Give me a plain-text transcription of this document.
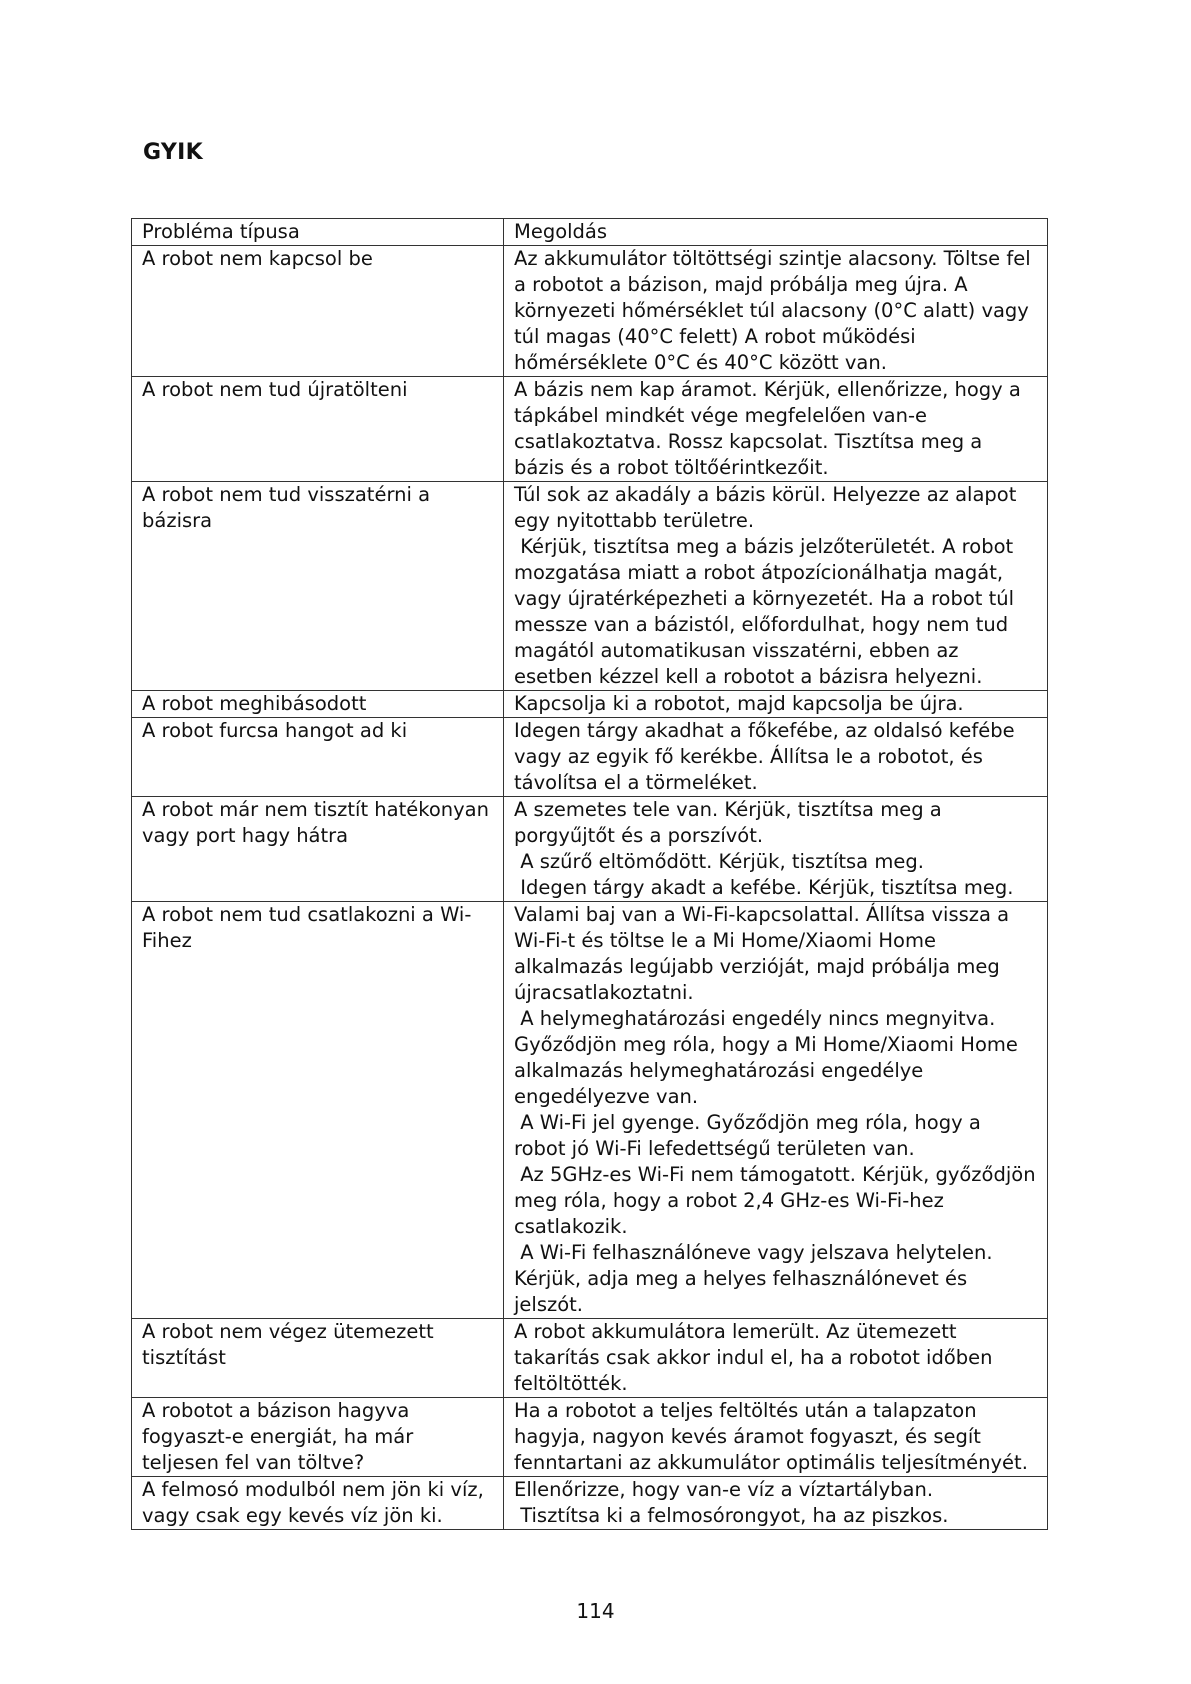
GYIK
Probléma típusa	Megoldás
A robot nem kapcsol be	Az akkumulátor töltöttségi szintje alacsony. Töltse fel a robotot a bázison, majd próbálja meg újra. A környezeti hőmérséklet túl alacsony (0°C alatt) vagy túl magas (40°C felett) A robot működési hőmérséklete 0°C és 40°C között van.

A robot nem tud újratölteni	A bázis nem kap áramot. Kérjük, ellenőrizze, hogy a tápkábel mindkét vége megfelelően van-e csatlakoztatva. Rossz kapcsolat. Tisztítsa meg a bázis és a robot töltőérintkezőit.

A robot nem tud visszatérni a bázisra	Túl sok az akadály a bázis körül. Helyezze az alapot egy nyitottabb területre.
Kérjük, tisztítsa meg a bázis jelzőterületét. A robot mozgatása miatt a robot átpozícionálhatja magát, vagy újratérképezheti a környezetét. Ha a robot túl messze van a bázistól, előfordulhat, hogy nem tud magától automatikusan visszatérni, ebben az esetben kézzel kell a robotot a bázisra helyezni.

A robot meghibásodott	Kapcsolja ki a robotot, majd kapcsolja be újra.

A robot furcsa hangot ad ki	Idegen tárgy akadhat a főkefébe, az oldalsó kefébe vagy az egyik fő kerékbe. Állítsa le a robotot, és távolítsa el a törmeléket.

A robot már nem tisztít hatékonyan vagy port hagy hátra	A szemetes tele van. Kérjük, tisztítsa meg a porgyűjtőt és a porszívót.
A szűrő eltömődött. Kérjük, tisztítsa meg.
Idegen tárgy akadt a kefébe. Kérjük, tisztítsa meg.

A robot nem tud csatlakozni a Wi-Fihez	Valami baj van a Wi-Fi-kapcsolattal. Állítsa vissza a Wi-Fi-t és töltse le a Mi Home/Xiaomi Home alkalmazás legújabb verzióját, majd próbálja meg újracsatlakoztatni.
A helymeghatározási engedély nincs megnyitva. Győződjön meg róla, hogy a Mi Home/Xiaomi Home alkalmazás helymeghatározási engedélye engedélyezve van.
A Wi-Fi jel gyenge. Győződjön meg róla, hogy a robot jó Wi-Fi lefedettségű területen van.
Az 5GHz-es Wi-Fi nem támogatott. Kérjük, győződjön meg róla, hogy a robot 2,4 GHz-es Wi-Fi-hez csatlakozik.
A Wi-Fi felhasználóneve vagy jelszava helytelen. Kérjük, adja meg a helyes felhasználónevet és jelszót.

A robot nem végez ütemezett tisztítást	A robot akkumulátora lemerült. Az ütemezett takarítás csak akkor indul el, ha a robotot időben feltöltötték.

A robotot a bázison hagyva fogyaszt-e energiát, ha már teljesen fel van töltve?	Ha a robotot a teljes feltöltés után a talapzaton hagyja, nagyon kevés áramot fogyaszt, és segít fenntartani az akkumulátor optimális teljesítményét.

A felmosó modulból nem jön ki víz, vagy csak egy kevés víz jön ki.	Ellenőrizze, hogy van-e víz a víztartályban.
Tisztítsa ki a felmosórongyot, ha az piszkos.
114
